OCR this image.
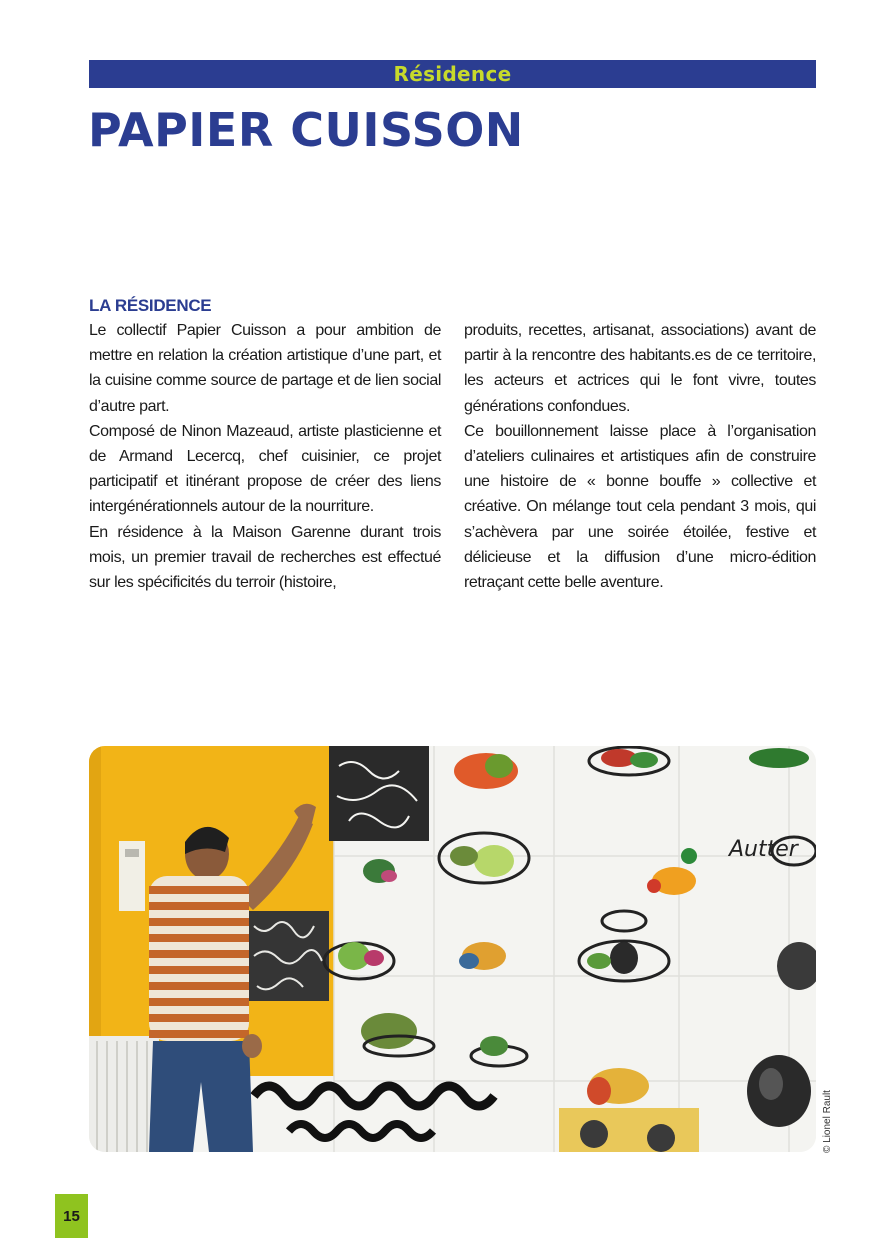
Résidence
PAPIER CUISSON
LA RÉSIDENCE

Le collectif Papier Cuisson a pour ambition de mettre en relation la création artistique d’une part, et la cuisine comme source de partage et de lien social d’autre part.

Composé de Ninon Mazeaud, artiste plasticienne et de Armand Lecercq, chef cuisinier, ce projet participatif et itinérant propose de créer des liens intergénérationnels autour de la nourriture.

En résidence à la Maison Garenne durant trois mois, un premier travail de recherches est effectué sur les spécificités du terroir (histoire,

produits, recettes, artisanat, associations) avant de partir à la rencontre des habitants.es de ce territoire, les acteurs et actrices qui le font vivre, toutes générations confondues.

Ce bouillonnement laisse place à l’organisation d’ateliers culinaires et artistiques afin de construire une histoire de « bonne bouffe » collective et créative. On mélange tout cela pendant 3 mois, qui s’achèvera par une soirée étoilée, festive et délicieuse et la diffusion d’une micro-édition retraçant cette belle aventure.

Autter
© Lionel Rault
15
